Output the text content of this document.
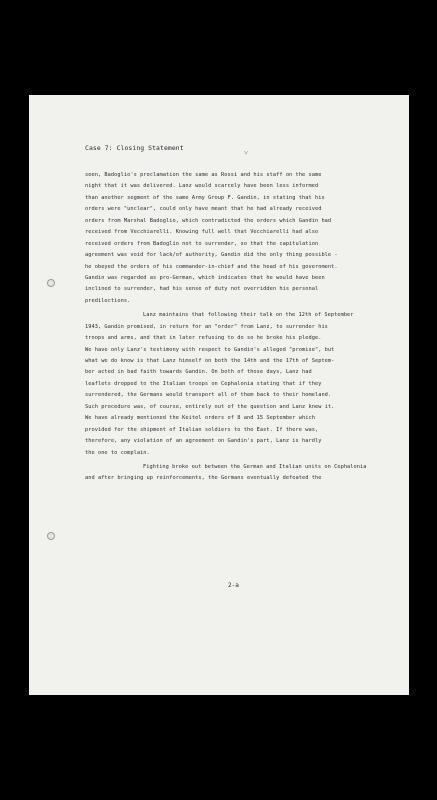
Case 7: Closing Statement
˅
seen, Badoglio's proclamation the same as Rossi and his staff on the same
night that it was delivered. Lanz would scarcely have been less informed
than another segment of the same Army Group F. Gandin, in stating that his
orders were "unclear", could only have meant that he had already received
orders from Marshal Badoglio, which contradicted the orders which Gandin had
received from Vecchiarelli. Knowing full well that Vecchiarelli had also
received orders from Badoglio not to surrender, so that the capitulation
agreement was void for lack/of authority, Gandin did the only thing possible -
he obeyed the orders of his commander-in-chief and the head of his government.
Gandin was regarded as pro-German, which indicates that he would have been
inclined to surrender, had his sense of duty not overridden his personal
predilections.
Lanz maintains that following their talk on the 12th of September
1943, Gandin promised, in return for an "order" from Lanz, to surrender his
troops and arms, and that in later refusing to do so he broke his pledge.
We have only Lanz's testimony with respect to Gandin's alleged "promise", but
what we do know is that Lanz himself on both the 14th and the 17th of Septem-
ber acted in bad faith towards Gandin. On both of those days, Lanz had
leaflets dropped to the Italian troops on Cephalonia stating that if they
surrendered, the Germans would transport all of them back to their homeland.
Such procedure was, of course, entirely out of the question and Lanz knew it.
We have already mentioned the Keitel orders of 8 and 15 September which
provided for the shipment of Italian soldiers to the East. If there was,
therefore, any violation of an agreement on Gandin's part, Lanz is hardly
the one to complain.
Fighting broke out between the German and Italian units on Cephalonia
and after bringing up reinforcements, the Germans eventually defeated the
2-a
